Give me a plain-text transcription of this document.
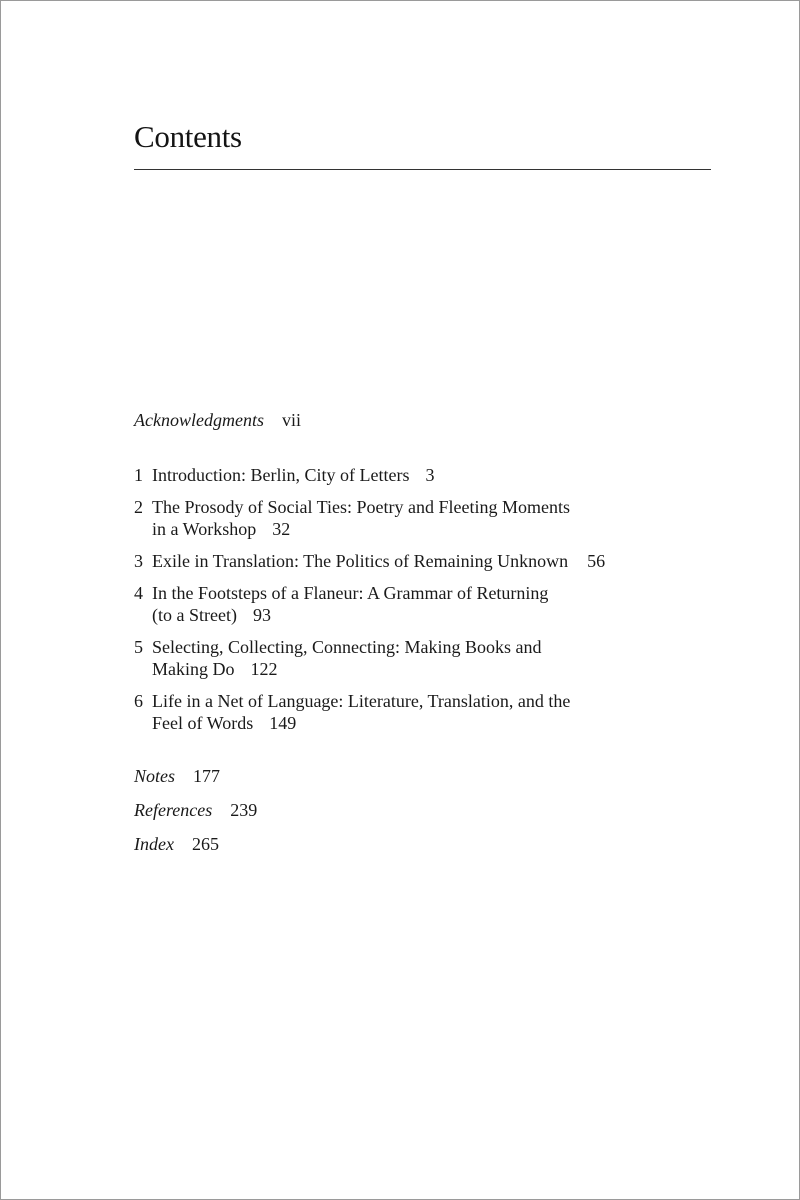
Contents
Acknowledgments vii
1 Introduction: Berlin, City of Letters 3
2 The Prosody of Social Ties: Poetry and Fleeting Moments
in a Workshop 32
3 Exile in Translation: The Politics of Remaining Unknown 56
4 In the Footsteps of a Flaneur: A Grammar of Returning
(to a Street) 93
5 Selecting, Collecting, Connecting: Making Books and
Making Do 122
6 Life in a Net of Language: Literature, Translation, and the
Feel of Words 149
Notes 177
References 239
Index 265
